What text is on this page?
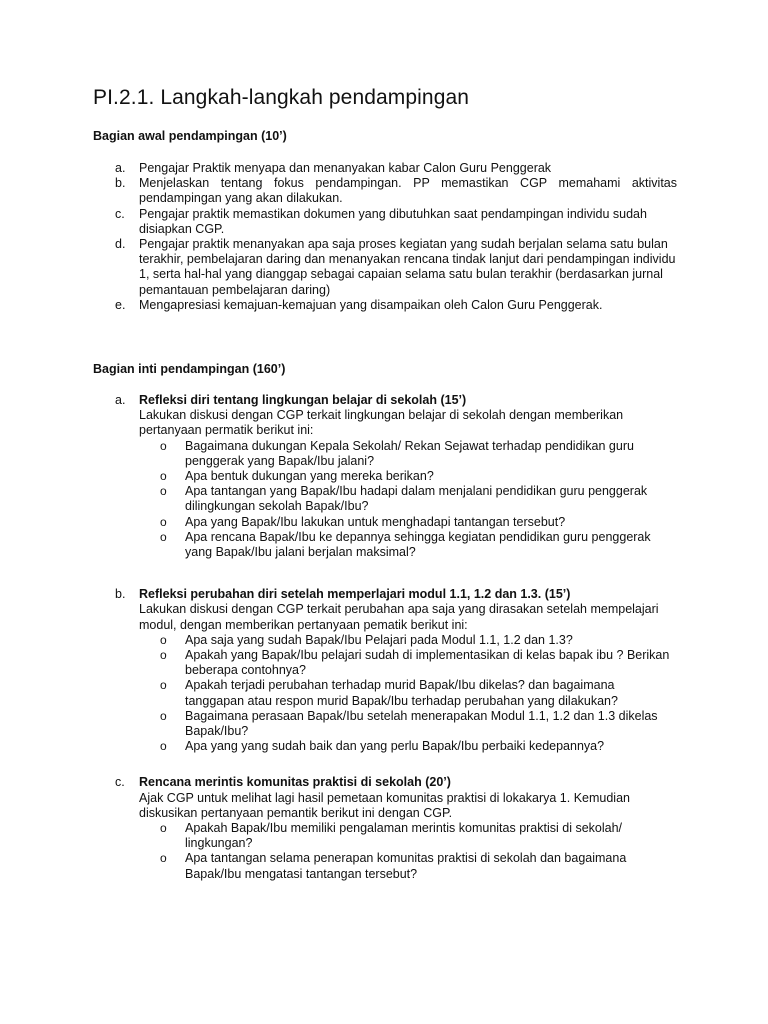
PI.2.1. Langkah-langkah pendampingan
Bagian awal pendampingan (10’)
a. Pengajar Praktik menyapa dan menanyakan kabar Calon Guru Penggerak
b. Menjelaskan tentang fokus pendampingan. PP memastikan CGP memahami aktivitas pendampingan yang akan dilakukan.
c. Pengajar praktik memastikan dokumen yang dibutuhkan saat pendampingan individu sudah disiapkan CGP.
d. Pengajar praktik menanyakan apa saja proses kegiatan yang sudah berjalan selama satu bulan terakhir, pembelajaran daring dan menanyakan rencana tindak lanjut dari pendampingan individu 1, serta hal-hal yang dianggap sebagai capaian selama satu bulan terakhir (berdasarkan jurnal pemantauan pembelajaran daring)
e. Mengapresiasi kemajuan-kemajuan yang disampaikan oleh Calon Guru Penggerak.
Bagian inti pendampingan (160’)
a. Refleksi diri tentang lingkungan belajar di sekolah (15’)
Lakukan diskusi dengan CGP terkait lingkungan belajar di sekolah dengan memberikan pertanyaan permatik berikut ini:
o Bagaimana dukungan Kepala Sekolah/ Rekan Sejawat terhadap pendidikan guru penggerak yang Bapak/Ibu jalani?
o Apa bentuk dukungan yang mereka berikan?
o Apa tantangan yang Bapak/Ibu hadapi dalam menjalani pendidikan guru penggerak dilingkungan sekolah Bapak/Ibu?
o Apa yang Bapak/Ibu lakukan untuk menghadapi tantangan tersebut?
o Apa rencana Bapak/Ibu ke depannya sehingga kegiatan pendidikan guru penggerak yang Bapak/Ibu jalani berjalan maksimal?
b. Refleksi perubahan diri setelah memperlajari modul 1.1, 1.2 dan 1.3. (15’)
Lakukan diskusi dengan CGP terkait perubahan apa saja yang dirasakan setelah mempelajari modul, dengan memberikan pertanyaan pematik berikut ini:
o Apa saja yang sudah Bapak/Ibu Pelajari pada Modul 1.1, 1.2 dan 1.3?
o Apakah yang Bapak/Ibu pelajari sudah di implementasikan di kelas bapak ibu ? Berikan beberapa contohnya?
o Apakah terjadi perubahan terhadap murid Bapak/Ibu dikelas? dan bagaimana tanggapan atau respon murid Bapak/Ibu terhadap perubahan yang dilakukan?
o Bagaimana perasaan Bapak/Ibu setelah menerapakan Modul 1.1, 1.2 dan 1.3 dikelas Bapak/Ibu?
o Apa yang yang sudah baik dan yang perlu Bapak/Ibu perbaiki kedepannya?
c. Rencana merintis komunitas praktisi di sekolah (20’)
Ajak CGP untuk melihat lagi hasil pemetaan komunitas praktisi di lokakarya 1. Kemudian diskusikan pertanyaan pemantik berikut ini dengan CGP.
o Apakah Bapak/Ibu memiliki pengalaman merintis komunitas praktisi di sekolah/ lingkungan?
o Apa tantangan selama penerapan komunitas praktisi di sekolah dan bagaimana Bapak/Ibu mengatasi tantangan tersebut?
